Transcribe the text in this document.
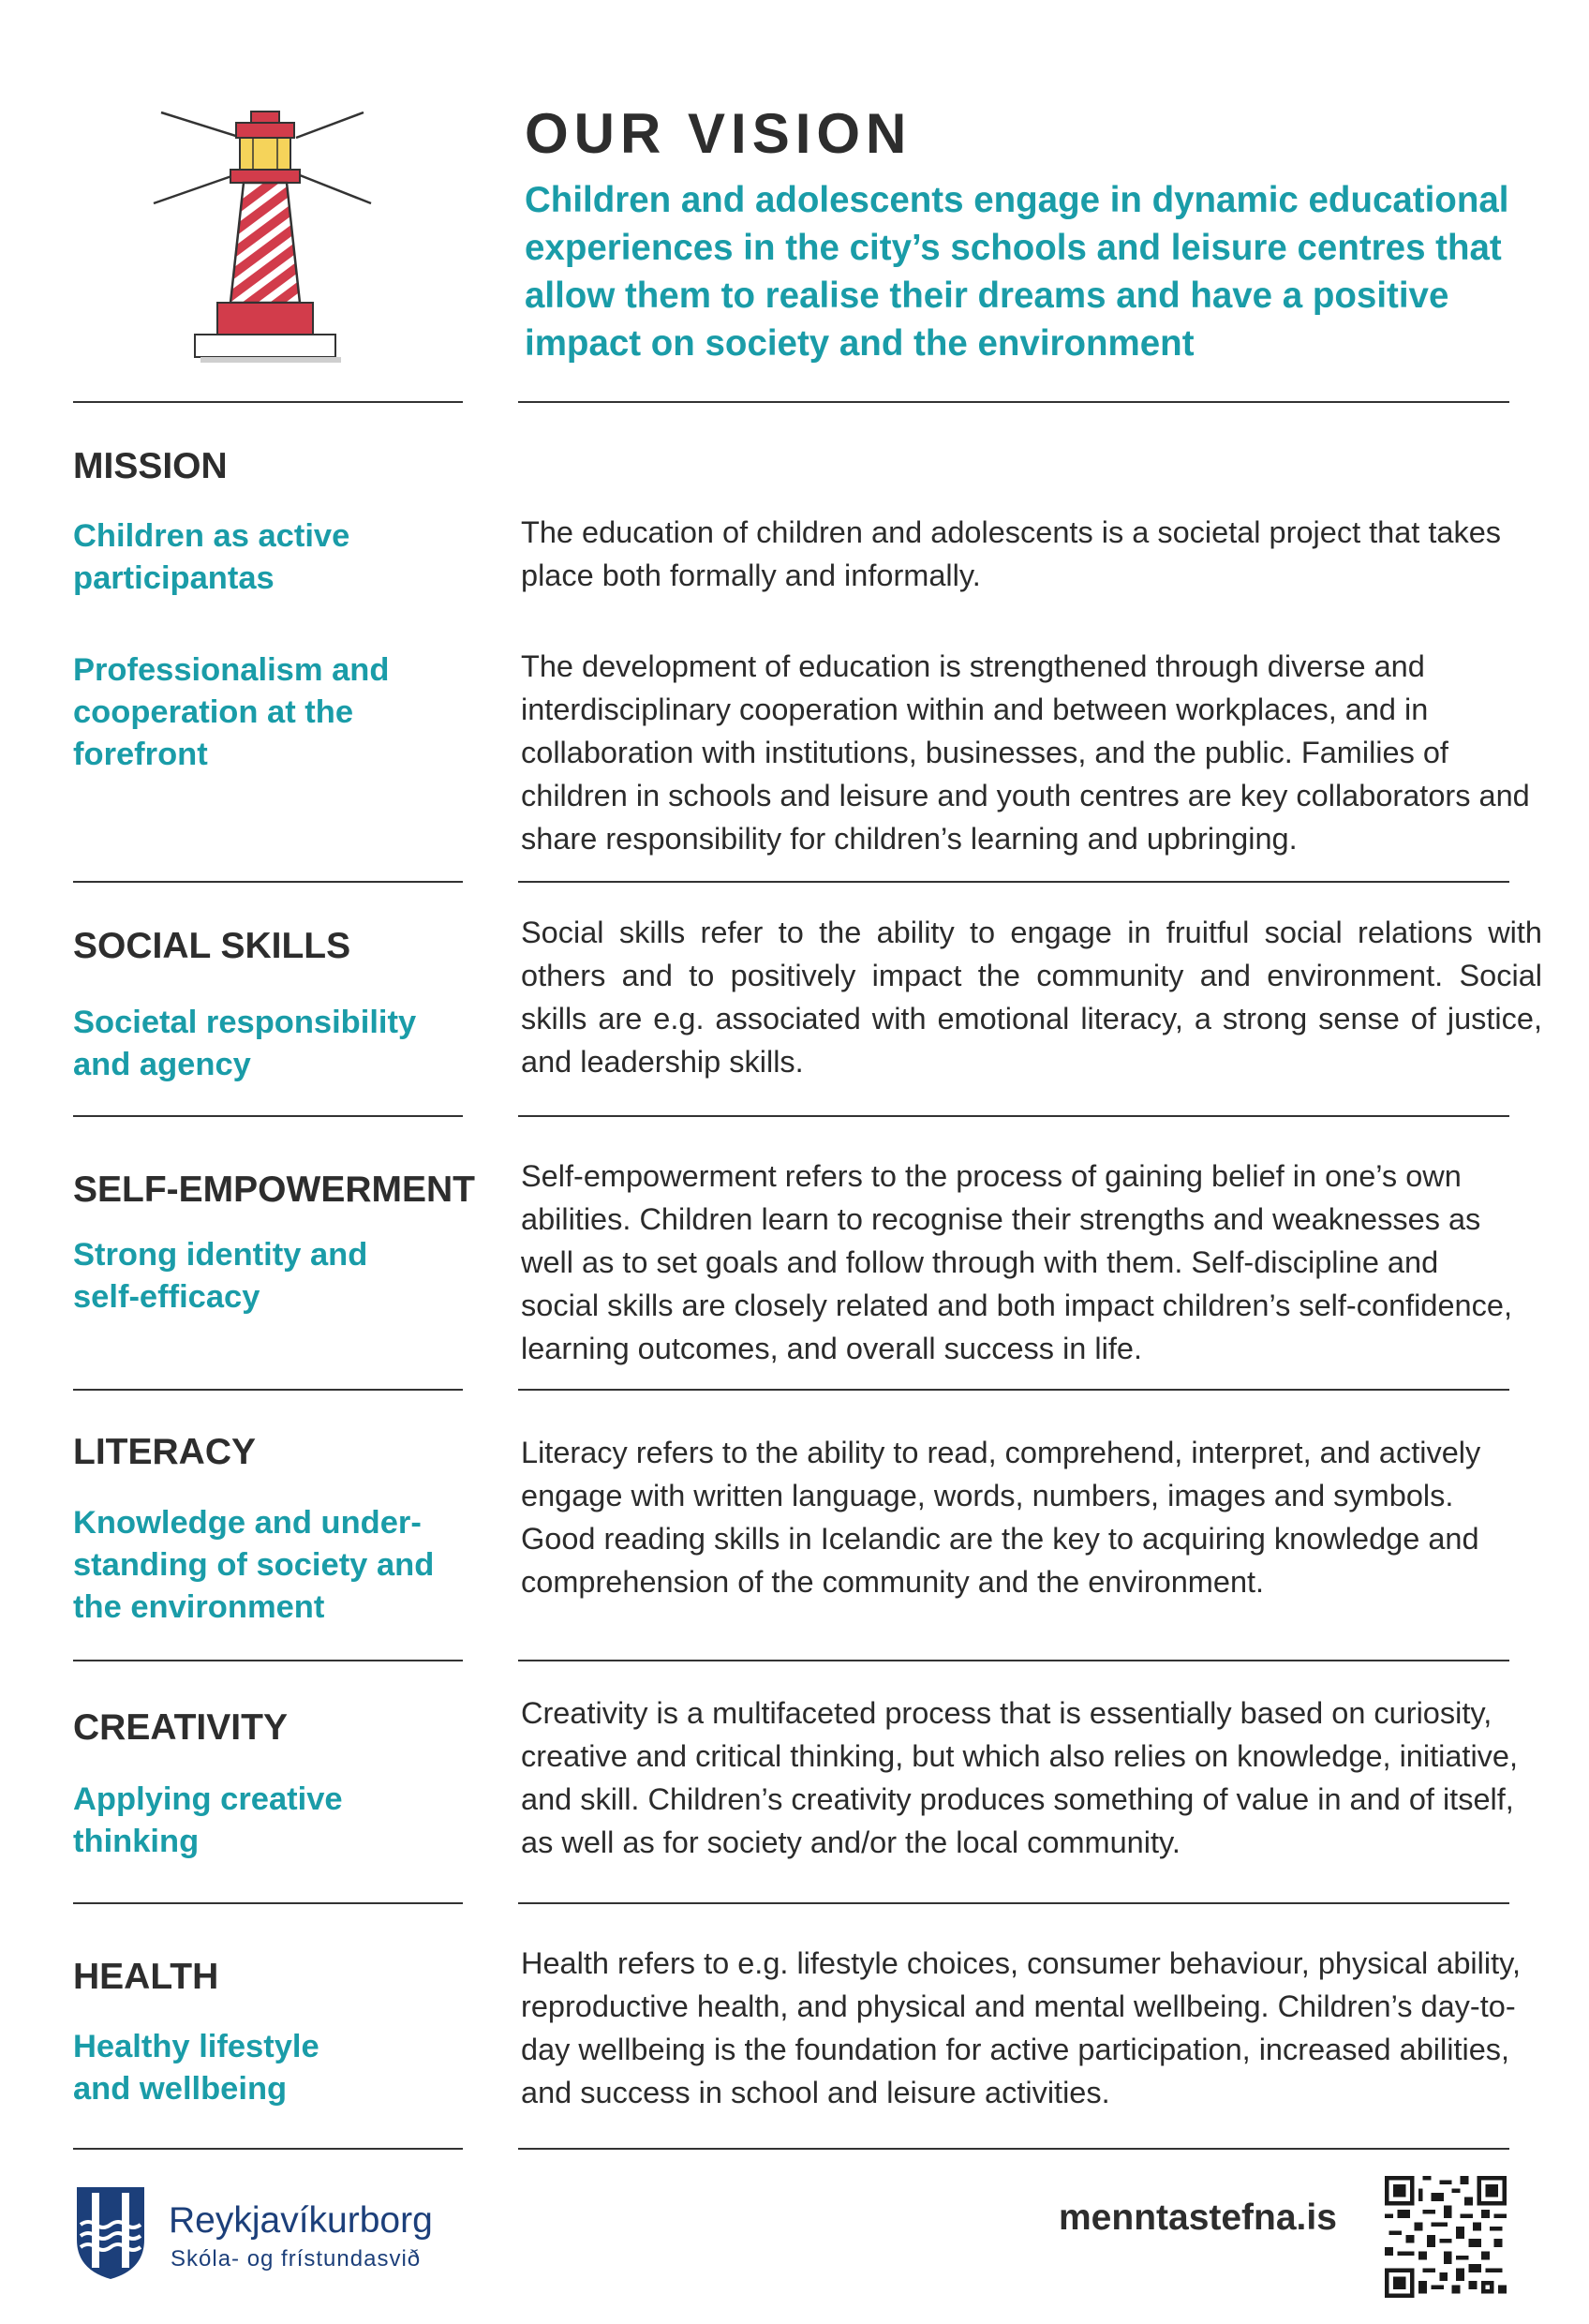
OUR VISION
Children and adolescents engage in dynamic educational experiences in the city’s schools and leisure centres that allow them to realise their dreams and have a positive impact on society and the environment
MISSION
Children as active participantas
The education of children and adolescents is a societal project that takes place both formally and informally.
Professionalism and cooperation at the forefront
The development of education is strengthened through diverse and interdisciplinary cooperation within and between workplaces, and in collaboration with institutions, businesses, and the public. Families of children in schools and leisure and youth centres are key collaborators and share responsibility for children’s learning and upbringing.
SOCIAL SKILLS
Societal responsibility and agency
Social skills refer to the ability to engage in fruitful social relations with others and to positively impact the community and environment. Social skills are e.g. associated with emotional literacy, a strong sense of justice, and leadership skills.
SELF-EMPOWERMENT
Strong identity and self-efficacy
Self-empowerment refers to the process of gaining belief in one’s own abilities. Children learn to recognise their strengths and weaknesses as well as to set goals and follow through with them. Self-discipline and social skills are closely related and both impact children’s self-confidence, learning outcomes, and overall success in life.
LITERACY
Knowledge and under-standing of society and the environment
Literacy refers to the ability to read, comprehend, interpret, and actively engage with written language, words, numbers, images and symbols. Good reading skills in Icelandic are the key to acquiring knowledge and comprehension of the community and the environment.
CREATIVITY
Applying creative thinking
Creativity is a multifaceted process that is essentially based on curiosity, creative and critical thinking, but which also relies on knowledge, initiative, and skill. Children’s creativity produces something of value in and of itself, as well as for society and/or the local community.
HEALTH
Healthy lifestyle and wellbeing
Health refers to e.g. lifestyle choices, consumer behaviour, physical ability, reproductive health, and physical and mental wellbeing. Children’s day-to-day wellbeing is the foundation for active participation, increased abilities, and success in school and leisure activities.
Reykjavíkurborg
Skóla- og frístundasvið
menntastefna.is
